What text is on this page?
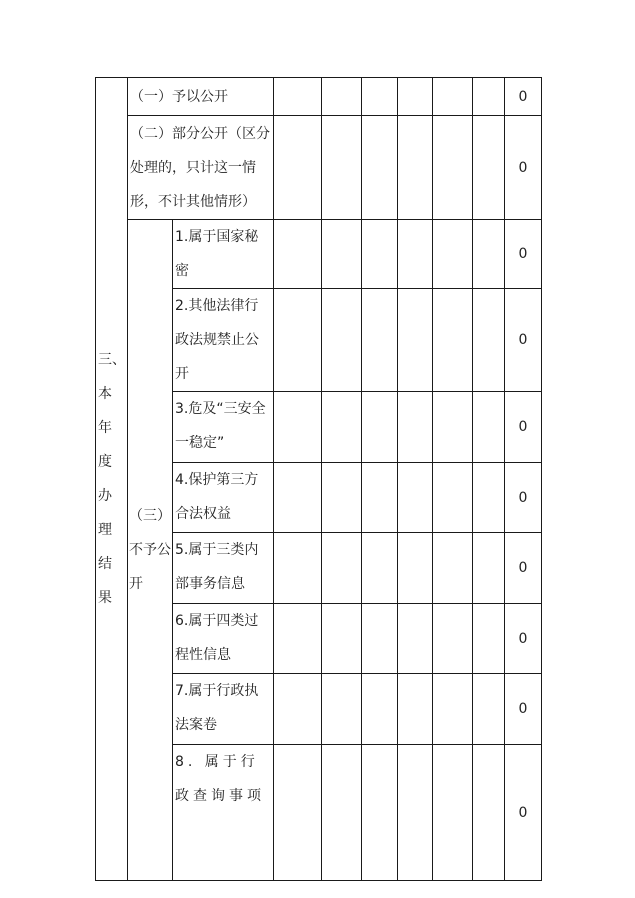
三、本年度办理结果	（一）予以公开								0
	（二）部分公开（区分处理的，只计这一情形，不计其他情形）								0
	（三）不予公开	1.属于国家秘密							0
		2.其他法律行政法规禁止公开							0
		3.危及“三安全一稳定”							0
		4.保护第三方合法权益							0
		5.属于三类内部事务信息							0
		6.属于四类过程性信息							0
		7.属于行政执法案卷							0
		8. 属于行政查询事项							0
